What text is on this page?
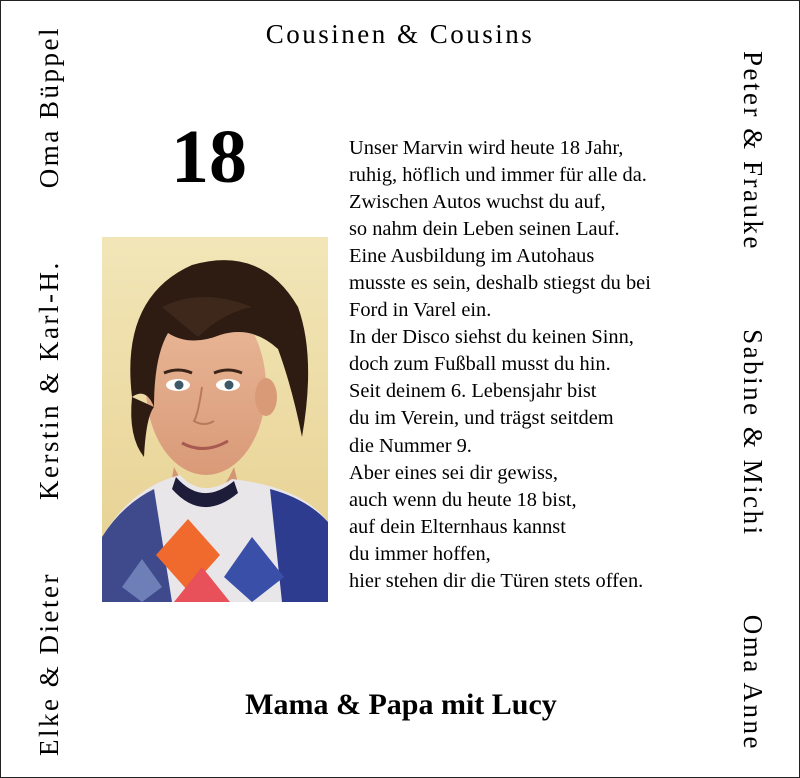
Cousinen & Cousins
Elke & Dieter
Kerstin & Karl-H.
Oma Büppel	Peter & Frauke
Sabine & Michi
Oma Anne
18	Unser Marvin wird heute 18 Jahr,
ruhig, höflich und immer für alle da.
Zwischen Autos wuchst du auf,
so nahm dein Leben seinen Lauf.
Eine Ausbildung im Autohaus
musste es sein, deshalb stiegst du bei
Ford in Varel ein.
In der Disco siehst du keinen Sinn,
doch zum Fußball musst du hin.
Seit deinem 6. Lebensjahr bist
du im Verein, und trägst seitdem
die Nummer 9.
Aber eines sei dir gewiss,
auch wenn du heute 18 bist,
auf dein Elternhaus kannst
du immer hoffen,
hier stehen dir die Türen stets offen.
Mama & Papa mit Lucy
